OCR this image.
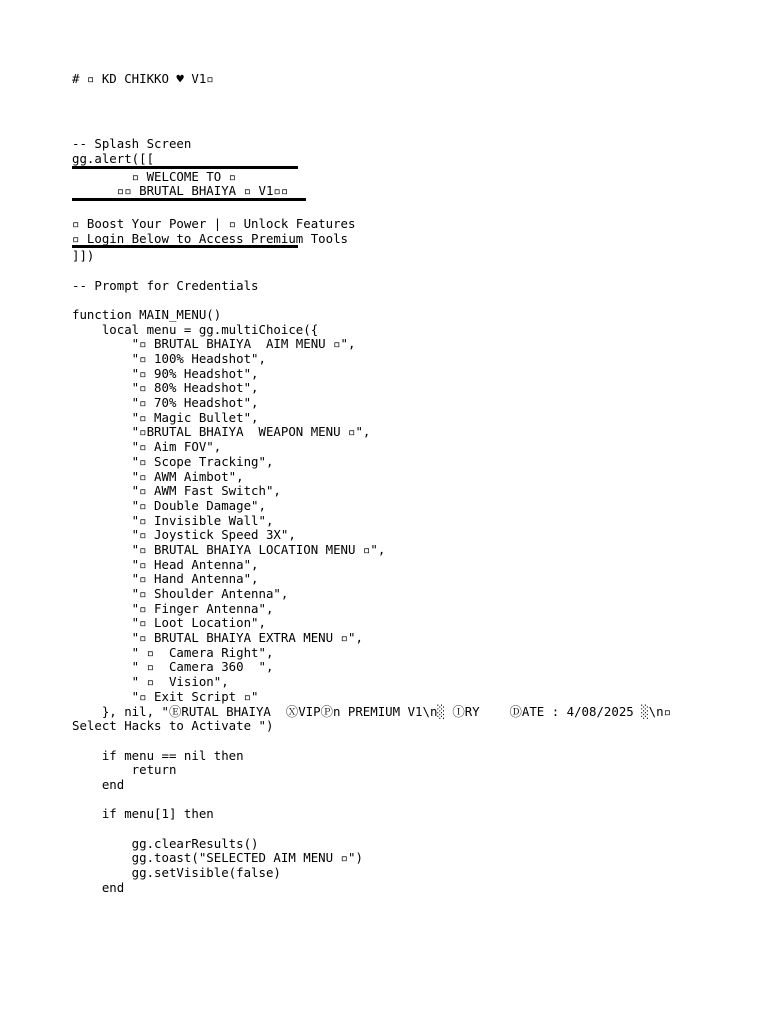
# ▫ KD CHIKKO ♥ V1▫
-- Splash Screen
gg.alert([[
▫ WELCOME TO ▫
▫▫ BRUTAL BHAIYA ▫ V1▫▫
▫ Boost Your Power | ▫ Unlock Features
▫ Login Below to Access Premium Tools
]])
-- Prompt for Credentials
function MAIN_MENU()
local menu = gg.multiChoice({
"▫ BRUTAL BHAIYA  AIM MENU ▫",
"▫ 100% Headshot",
"▫ 90% Headshot",
"▫ 80% Headshot",
"▫ 70% Headshot",
"▫ Magic Bullet",
"▫BRUTAL BHAIYA  WEAPON MENU ▫",
"▫ Aim FOV",
"▫ Scope Tracking",
"▫ AWM Aimbot",
"▫ AWM Fast Switch",
"▫ Double Damage",
"▫ Invisible Wall",
"▫ Joystick Speed 3X",
"▫ BRUTAL BHAIYA LOCATION MENU ▫",
"▫ Head Antenna",
"▫ Hand Antenna",
"▫ Shoulder Antenna",
"▫ Finger Antenna",
"▫ Loot Location",
"▫ BRUTAL BHAIYA EXTRA MENU ▫",
" ▫  Camera Right",
" ▫  Camera 360  ",
" ▫  Vision",
"▫ Exit Script ▫"
}, nil, "ⒺRUTAL BHAIYA  ⓍVIPⓅn PREMIUM V1\n░ ⒾRY    ⒹATE : 4/08/2025 ░\n▫
Select Hacks to Activate ")
if menu == nil then
return
end
if menu[1] then
gg.clearResults()
gg.toast("SELECTED AIM MENU ▫")
gg.setVisible(false)
end
